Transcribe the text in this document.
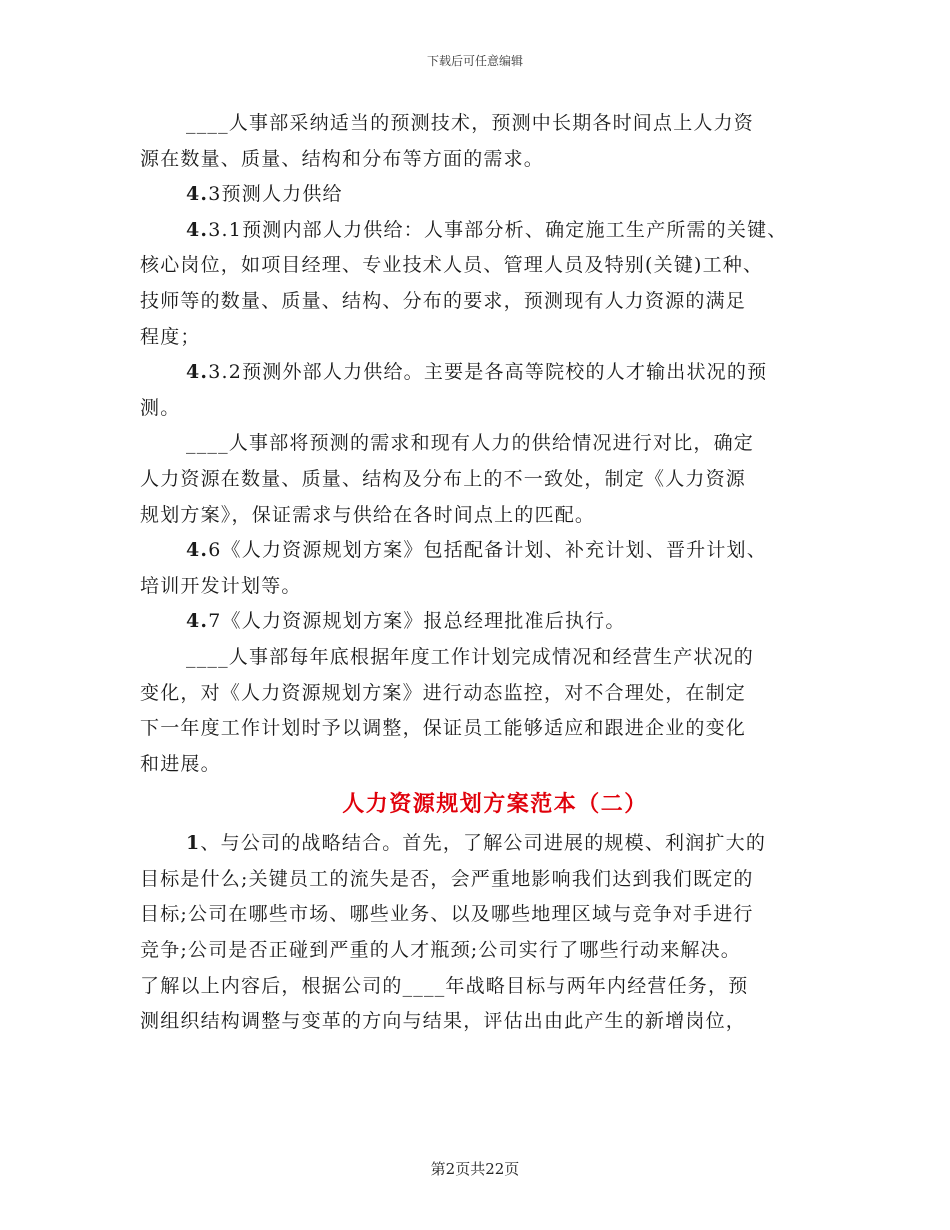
下载后可任意编辑
____人事部采纳适当的预测技术，预测中长期各时间点上人力资
源在数量、质量、结构和分布等方面的需求。
4.3预测人力供给
4.3.1预测内部人力供给：人事部分析、确定施工生产所需的关键、
核心岗位，如项目经理、专业技术人员、管理人员及特别(关键)工种、
技师等的数量、质量、结构、分布的要求，预测现有人力资源的满足
程度；
4.3.2预测外部人力供给。主要是各高等院校的人才输出状况的预
测。
____人事部将预测的需求和现有人力的供给情况进行对比，确定
人力资源在数量、质量、结构及分布上的不一致处，制定《人力资源
规划方案》，保证需求与供给在各时间点上的匹配。
4.6《人力资源规划方案》包括配备计划、补充计划、晋升计划、
培训开发计划等。
4.7《人力资源规划方案》报总经理批准后执行。
____人事部每年底根据年度工作计划完成情况和经营生产状况的
变化，对《人力资源规划方案》进行动态监控，对不合理处，在制定
下一年度工作计划时予以调整，保证员工能够适应和跟进企业的变化
和进展。
人力资源规划方案范本（二）
1、与公司的战略结合。首先，了解公司进展的规模、利润扩大的
目标是什么;关键员工的流失是否，会严重地影响我们达到我们既定的
目标;公司在哪些市场、哪些业务、以及哪些地理区域与竞争对手进行
竞争;公司是否正碰到严重的人才瓶颈;公司实行了哪些行动来解决。
了解以上内容后，根据公司的____年战略目标与两年内经营任务，预
测组织结构调整与变革的方向与结果，评估出由此产生的新增岗位，
第2页共22页
